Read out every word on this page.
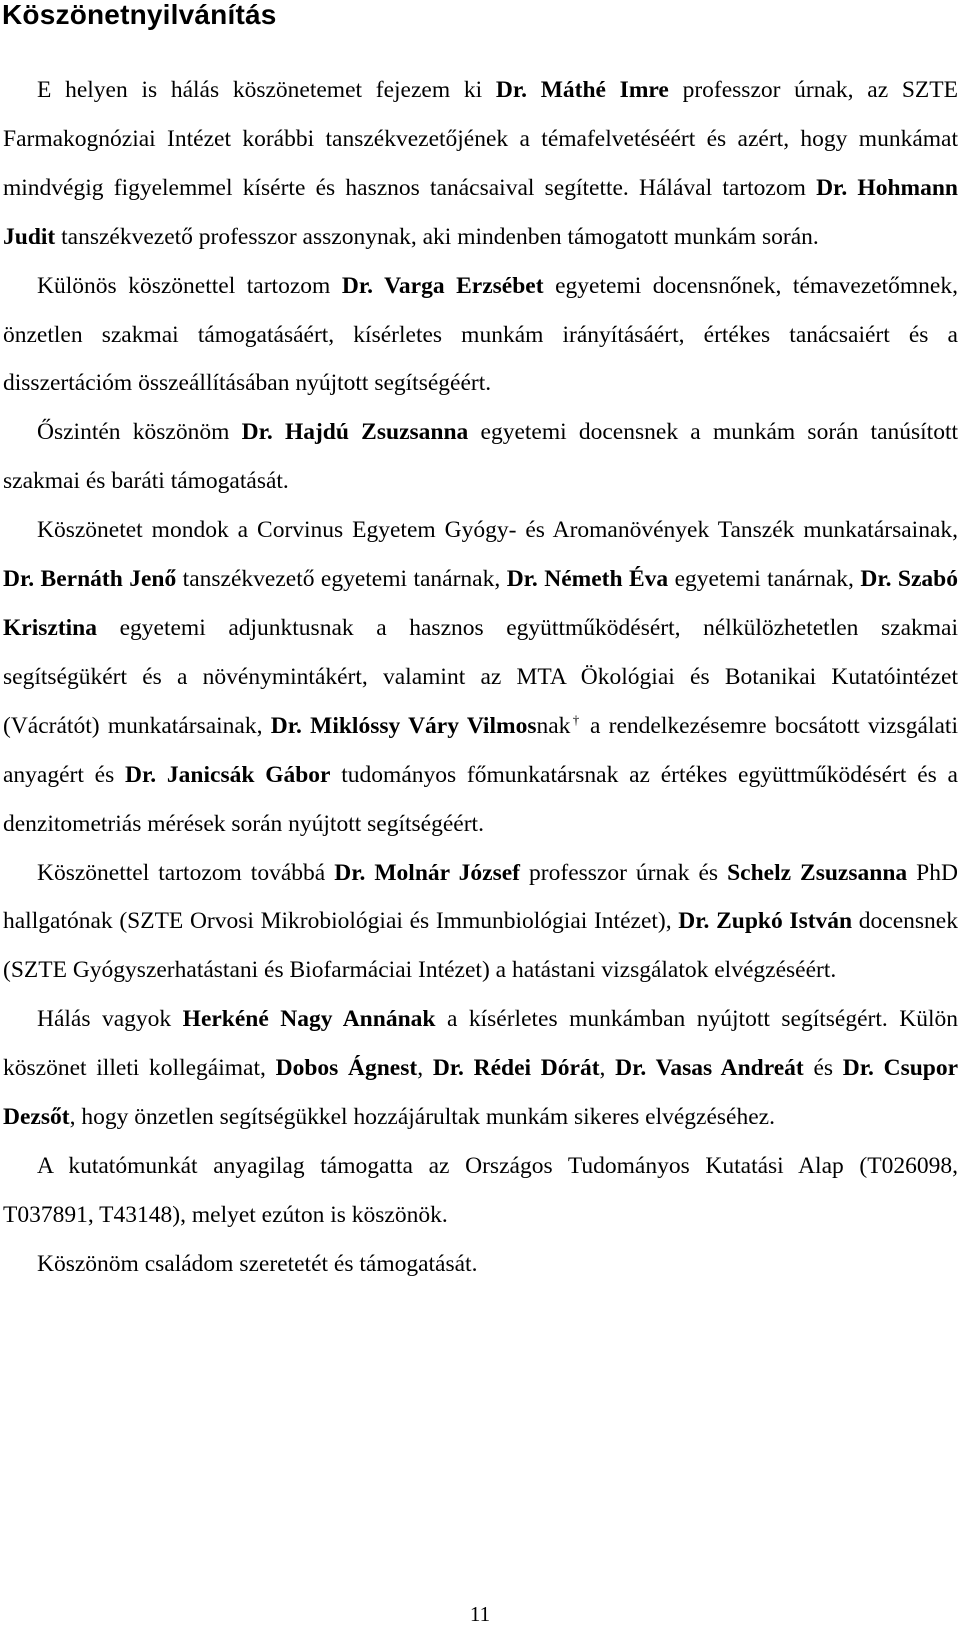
Köszönetnyilvánítás

E helyen is hálás köszönetemet fejezem ki Dr. Máthé Imre professzor úrnak, az SZTE Farmakognóziai Intézet korábbi tanszékvezetőjének a témafelvetéséért és azért, hogy munkámat mindvégig figyelemmel kísérte és hasznos tanácsaival segítette. Hálával tartozom Dr. Hohmann Judit tanszékvezető professzor asszonynak, aki mindenben támogatott munkám során.

Különös köszönettel tartozom Dr. Varga Erzsébet egyetemi docensnőnek, témavezetőmnek, önzetlen szakmai támogatásáért, kísérletes munkám irányításáért, értékes tanácsaiért és a disszertációm összeállításában nyújtott segítségéért.

Őszintén köszönöm Dr. Hajdú Zsuzsanna egyetemi docensnek a munkám során tanúsított szakmai és baráti támogatását.

Köszönetet mondok a Corvinus Egyetem Gyógy- és Aromanövények Tanszék munkatársainak, Dr. Bernáth Jenő tanszékvezető egyetemi tanárnak, Dr. Németh Éva egyetemi tanárnak, Dr. Szabó Krisztina egyetemi adjunktusnak a hasznos együttműködésért, nélkülözhetetlen szakmai segítségükért és a növénymintákért, valamint az MTA Ökológiai és Botanikai Kutatóintézet (Vácrátót) munkatársainak, Dr. Miklóssy Váry Vilmosnak† a rendelkezésemre bocsátott vizsgálati anyagért és Dr. Janicsák Gábor tudományos főmunkatársnak az értékes együttműködésért és a denzitometriás mérések során nyújtott segítségéért.

Köszönettel tartozom továbbá Dr. Molnár József professzor úrnak és Schelz Zsuzsanna PhD hallgatónak (SZTE Orvosi Mikrobiológiai és Immunbiológiai Intézet), Dr. Zupkó István docensnek (SZTE Gyógyszerhatástani és Biofarmáciai Intézet) a hatástani vizsgálatok elvégzéséért.

Hálás vagyok Herkéné Nagy Annának a kísérletes munkámban nyújtott segítségért. Külön köszönet illeti kollegáimat, Dobos Ágnest, Dr. Rédei Dórát, Dr. Vasas Andreát és Dr. Csupor Dezsőt, hogy önzetlen segítségükkel hozzájárultak munkám sikeres elvégzéséhez.

A kutatómunkát anyagilag támogatta az Országos Tudományos Kutatási Alap (T026098, T037891, T43148), melyet ezúton is köszönök.

Köszönöm családom szeretetét és támogatását.

11
